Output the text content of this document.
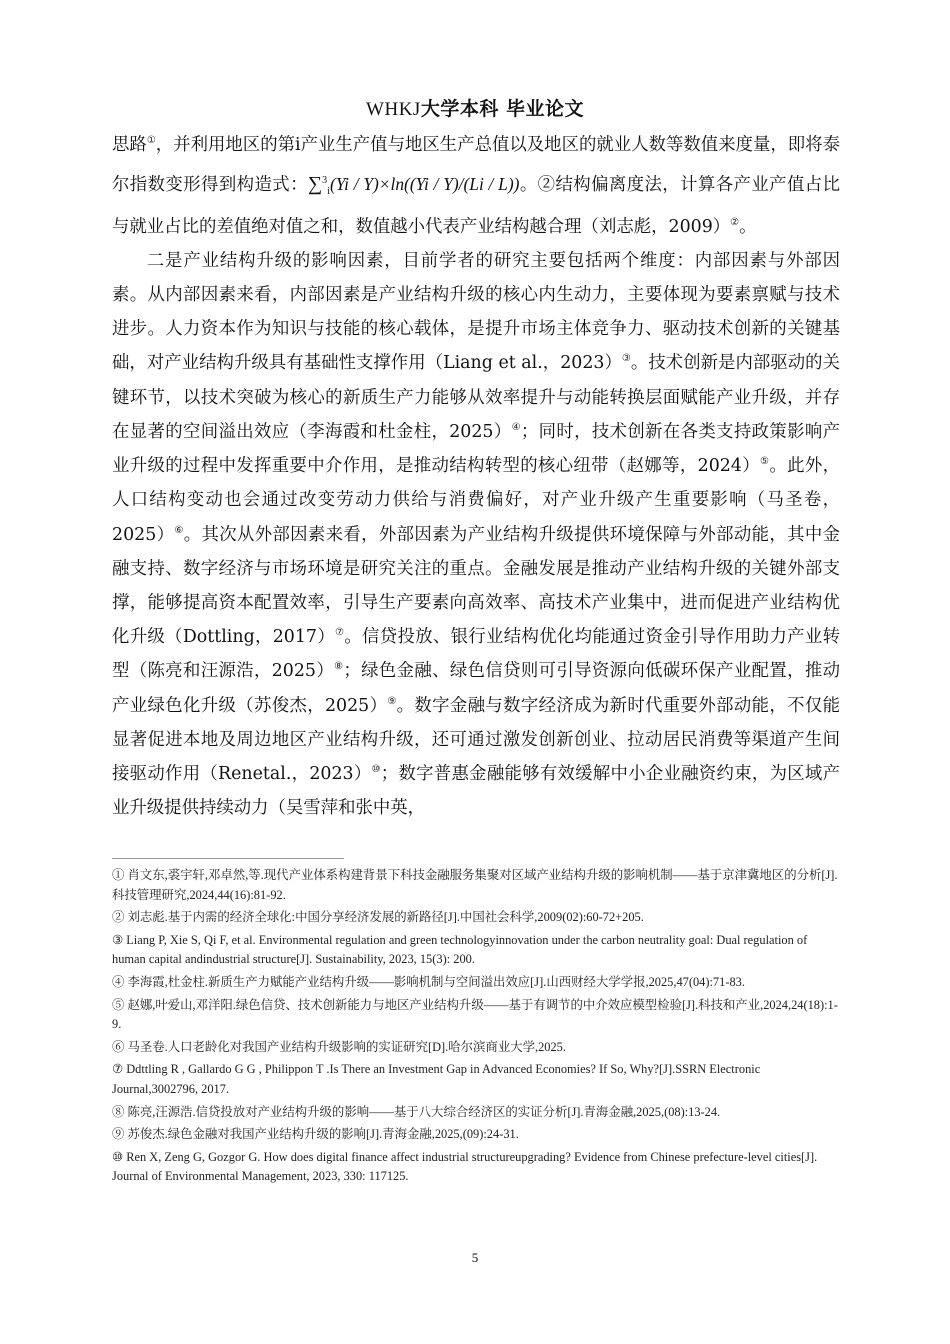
WHKJ大学本科 毕业论文

思路①，并利用地区的第i产业生产值与地区生产总值以及地区的就业人数等数值来度量，即将泰尔指数变形得到构造式：∑$^3_i$(Yi / Y)×ln((Yi / Y)/(Li / L))。②结构偏离度法，计算各产业产值占比与就业占比的差值绝对值之和，数值越小代表产业结构越合理（刘志彪，2009）②。

二是产业结构升级的影响因素，目前学者的研究主要包括两个维度：内部因素与外部因素。从内部因素来看，内部因素是产业结构升级的核心内生动力，主要体现为要素禀赋与技术进步。人力资本作为知识与技能的核心载体，是提升市场主体竞争力、驱动技术创新的关键基础，对产业结构升级具有基础性支撑作用（Liang et al.，2023）③。技术创新是内部驱动的关键环节，以技术突破为核心的新质生产力能够从效率提升与动能转换层面赋能产业升级，并存在显著的空间溢出效应（李海霞和杜金柱，2025）④；同时，技术创新在各类支持政策影响产业升级的过程中发挥重要中介作用，是推动结构转型的核心纽带（赵娜等，2024）⑤。此外，人口结构变动也会通过改变劳动力供给与消费偏好，对产业升级产生重要影响（马圣卷，2025）⑥。其次从外部因素来看，外部因素为产业结构升级提供环境保障与外部动能，其中金融支持、数字经济与市场环境是研究关注的重点。金融发展是推动产业结构升级的关键外部支撑，能够提高资本配置效率，引导生产要素向高效率、高技术产业集中，进而促进产业结构优化升级（Dottling，2017）⑦。信贷投放、银行业结构优化均能通过资金引导作用助力产业转型（陈亮和汪源浩，2025）⑧；绿色金融、绿色信贷则可引导资源向低碳环保产业配置，推动产业绿色化升级（苏俊杰，2025）⑨。数字金融与数字经济成为新时代重要外部动能，不仅能显著促进本地及周边地区产业结构升级，还可通过激发创新创业、拉动居民消费等渠道产生间接驱动作用（Renetal.，2023）⑩；数字普惠金融能够有效缓解中小企业融资约束，为区域产业升级提供持续动力（吴雪萍和张中英，

① 肖文东,裘宇轩,邓卓然,等.现代产业体系构建背景下科技金融服务集聚对区域产业结构升级的影响机制——基于京津冀地区的分析[J].科技管理研究,2024,44(16):81-92.

② 刘志彪.基于内需的经济全球化:中国分享经济发展的新路径[J].中国社会科学,2009(02):60-72+205.

③ Liang P, Xie S, Qi F, et al. Environmental regulation and green technologyinnovation under the carbon neutrality goal: Dual regulation of human capital andindustrial structure[J]. Sustainability, 2023, 15(3): 200.

④ 李海霞,杜金柱.新质生产力赋能产业结构升级——影响机制与空间溢出效应[J].山西财经大学学报,2025,47(04):71-83.

⑤ 赵娜,叶爱山,邓洋阳.绿色信贷、技术创新能力与地区产业结构升级——基于有调节的中介效应模型检验[J].科技和产业,2024,24(18):1-9.

⑥ 马圣卷.人口老龄化对我国产业结构升级影响的实证研究[D].哈尔滨商业大学,2025.

⑦ Ddttling R , Gallardo G G , Philippon T .Is There an Investment Gap in Advanced Economies? If So, Why?[J].SSRN Electronic Journal,3002796, 2017.

⑧ 陈亮,汪源浩.信贷投放对产业结构升级的影响——基于八大综合经济区的实证分析[J].青海金融,2025,(08):13-24.

⑨ 苏俊杰.绿色金融对我国产业结构升级的影响[J].青海金融,2025,(09):24-31.

⑩ Ren X, Zeng G, Gozgor G. How does digital finance affect industrial structureupgrading? Evidence from Chinese prefecture-level cities[J]. Journal of Environmental Management, 2023, 330: 117125.

5
